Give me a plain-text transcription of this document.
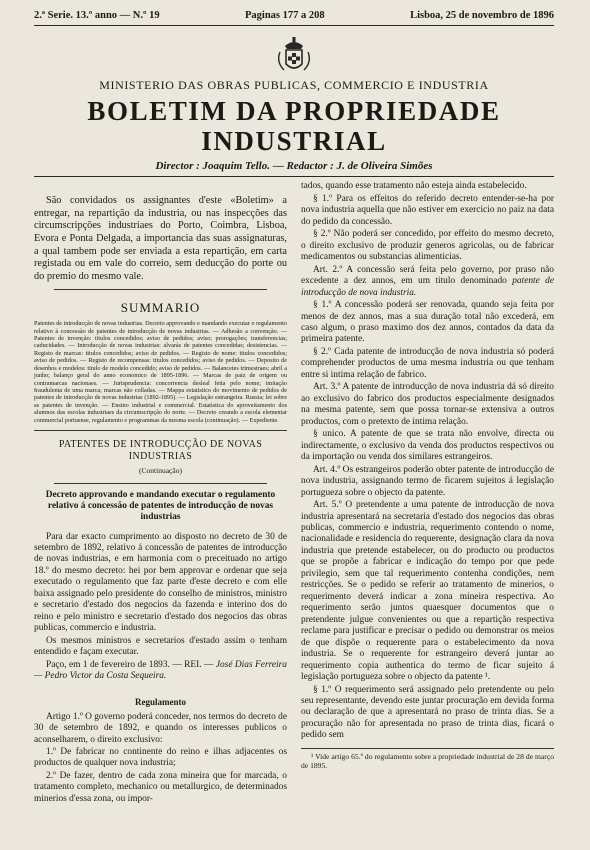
2.ª Serie. 13.º anno — N.º 19	Paginas 177 a 208	Lisboa, 25 de novembro de 1896
MINISTERIO DAS OBRAS PUBLICAS, COMMERCIO E INDUSTRIA
BOLETIM DA PROPRIEDADE INDUSTRIAL
Director : Joaquim Tello. — Redactor : J. de Oliveira Simões
São convidados os assignantes d'este «Boletim» a entregar, na repartição da industria, ou nas inspecções das circumscripções industriaes do Porto, Coimbra, Lisboa, Evora e Ponta Delgada, a importancia das suas assignaturas, a qual tambem pode ser enviada a esta repartição, em carta registada ou em vale do correio, sem deducção do porte ou do premio do mesmo vale.
SUMMARIO
Patentes de introducção de novas industrias. Decreto approvando e mandando executar o regulamento relativo á concessão de patentes de introducção de novas industrias. — Adhesão a convenção. — Patentes de invenção: titulos concedidos; aviso de pedidos; aviso; prorogações; transferencias; caducidades. — Introducção de novas industrias: alvarás de patentes concedidas; desistencias. — Registo de marcas: titulos concedidos; aviso de pedidos. — Registo de nome: titulos concedidos; aviso de pedidos. — Registo de recompensas: titulos concedidos; aviso de pedidos. — Deposito de desenhos e modelos: titulo de modelo concedido; aviso de pedidos. — Balancetes trimestraes; abril a junho; balanço geral do anno economico de 1895-1896. — Marcas de paiz de origem ou contramarcas nacionaes. — Jurisprudencia: concorrencia desleal feita pelo nome; imitação fraudulenta de uma marca; marcas não colladas. — Mappa estatistico do movimento de pedidos de patentes de introducção de novas industrias (1892-1895). — Legislação estrangeira. Russia; lei sobre as patentes de invenção. — Ensino industrial e commercial. Estatistica do aproveitamento dos alumnos das escolas industriaes da circumscripção do norte. — Decreto creando a escola elementar commercial portuense, regulamento e programmas da mesma escola (continuação). — Expediente.
PATENTES DE INTRODUCÇÃO DE NOVAS INDUSTRIAS
(Continuação)
Decreto approvando e mandando executar o regulamento relativo á concessão de patentes de introducção de novas industrias

Para dar exacto cumprimento ao disposto no decreto de 30 de setembro de 1892, relativo á concessão de patentes de introducção de novas industrias, e em harmonia com o preceituado no artigo 18.º do mesmo decreto: hei por bem approvar e ordenar que seja executado o regulamento que faz parte d'este decreto e com elle baixa assignado pelo presidente do conselho de ministros, ministro e secretario d'estado dos negocios da fazenda e interino dos do reino e pelo ministro e secretario d'estado dos negocios das obras publicas, commercio e industria.

Os mesmos ministros e secretarios d'estado assim o tenham entendido e façam executar.

Paço, em 1 de fevereiro de 1893. — REI. — José Dias Ferreira — Pedro Victor da Costa Sequeira.

Regulamento

Artigo 1.º O governo poderá conceder, nos termos do decreto de 30 de setembro de 1892, e quando os interesses publicos o aconselharem, o direito exclusivo:

1.º De fabricar no continente do reino e ilhas adjacentes os productos de qualquer nova industria;

2.º De fazer, dentro de cada zona mineira que for marcada, o tratamento completo, mechanico ou metallurgico, de determinados minerios d'essa zona, ou impor-

tados, quando esse tratamento não esteja ainda estabelecido.

§ 1.º Para os effeitos do referido decreto entender-se-ha por nova industria aquella que não estiver em exercicio no paiz na data do pedido da concessão.

§ 2.º Não poderá ser concedido, por effeito do mesmo decreto, o direito exclusivo de produzir generos agricolas, ou de fabricar medicamentos ou substancias alimenticias.

Art. 2.º A concessão será feita pelo governo, por praso não excedente a dez annos, em um titulo denominado patente de introducção de nova industria.

§ 1.º A concessão poderá ser renovada, quando seja feita por menos de dez annos, mas a sua duração total não excederá, em caso algum, o praso maximo dos dez annos, contados da data da primeira patente.

§ 2.º Cada patente de introducção de nova industria só poderá comprehender productos de uma mesma industria ou que tenham entre si intima relação de fabrico.

Art. 3.º A patente de introducção de nova industria dá só direito ao exclusivo do fabrico dos productos especialmente designados na mesma patente, sem que possa tornar-se extensiva a outros productos, com o pretexto de intima relação.

§ unico. A patente de que se trata não envolve, directa ou indirectamente, o exclusivo da venda dos productos respectivos ou da importação ou venda dos similares estrangeiros.

Art. 4.º Os estrangeiros poderão obter patente de introducção de nova industria, assignando termo de ficarem sujeitos á legislação portugueza sobre o objecto da patente.

Art. 5.º O pretendente a uma patente de introducção de nova industria apresentará na secretaria d'estado dos negocios das obras publicas, commercio e industria, requerimento contendo o nome, nacionalidade e residencia do requerente, designação clara da nova industria que pretende estabelecer, ou do producto ou productos que se propõe a fabricar e indicação do tempo por que pede privilegio, sem que tal requerimento contenha condições, nem restricções. Se o pedido se referir ao tratamento de minerios, o requerimento deverá indicar a zona mineira respectiva. Ao requerimento serão juntos quaesquer documentos que o pretendente julgue convenientes ou que a repartição respectiva reclame para justificar e precisar o pedido ou demonstrar os meios de que dispõe o requerente para o estabelecimento da nova industria. Se o requerente for estrangeiro deverá juntar ao requerimento copia authentica do termo de ficar sujeito á legislação portugueza sobre o objecto da patente ¹.

§ 1.º O requerimento será assignado pelo pretendente ou pelo seu representante, devendo este juntar procuração em devida forma ou declaração de que a apresentará no praso de trinta dias. Se a procuração não for apresentada no praso de trinta dias, ficará o pedido sem

¹ Vide artigo 65.º do regulamento sobre a propriedade industrial de 28 de março de 1895.
